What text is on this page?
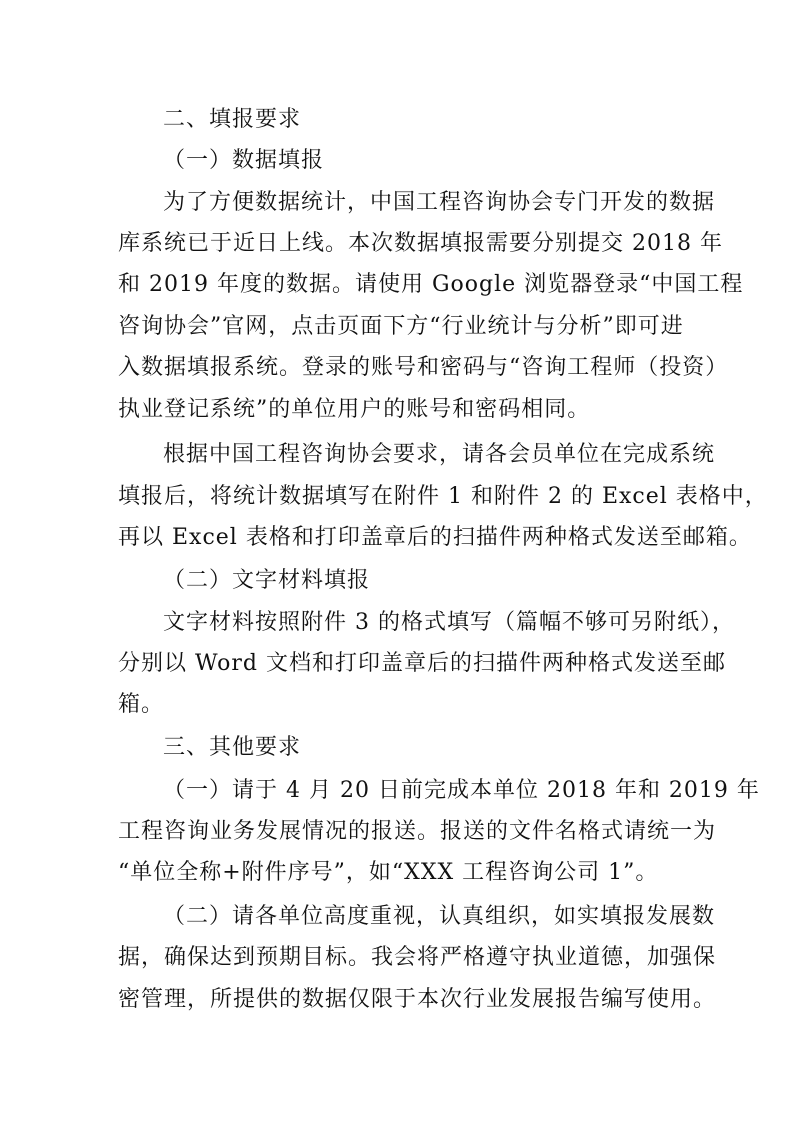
二、填报要求
（一）数据填报
为了方便数据统计，中国工程咨询协会专门开发的数据
库系统已于近日上线。本次数据填报需要分别提交 2018 年
和 2019 年度的数据。请使用 Google 浏览器登录“中国工程
咨询协会”官网，点击页面下方“行业统计与分析”即可进
入数据填报系统。登录的账号和密码与“咨询工程师（投资）
执业登记系统”的单位用户的账号和密码相同。
根据中国工程咨询协会要求，请各会员单位在完成系统
填报后，将统计数据填写在附件 1 和附件 2 的 Excel 表格中，
再以 Excel 表格和打印盖章后的扫描件两种格式发送至邮箱。
（二）文字材料填报
文字材料按照附件 3 的格式填写（篇幅不够可另附纸），
分别以 Word 文档和打印盖章后的扫描件两种格式发送至邮
箱。
三、其他要求
（一）请于 4 月 20 日前完成本单位 2018 年和 2019 年
工程咨询业务发展情况的报送。报送的文件名格式请统一为
“单位全称+附件序号”，如“XXX 工程咨询公司 1”。
（二）请各单位高度重视，认真组织，如实填报发展数
据，确保达到预期目标。我会将严格遵守执业道德，加强保
密管理，所提供的数据仅限于本次行业发展报告编写使用。
